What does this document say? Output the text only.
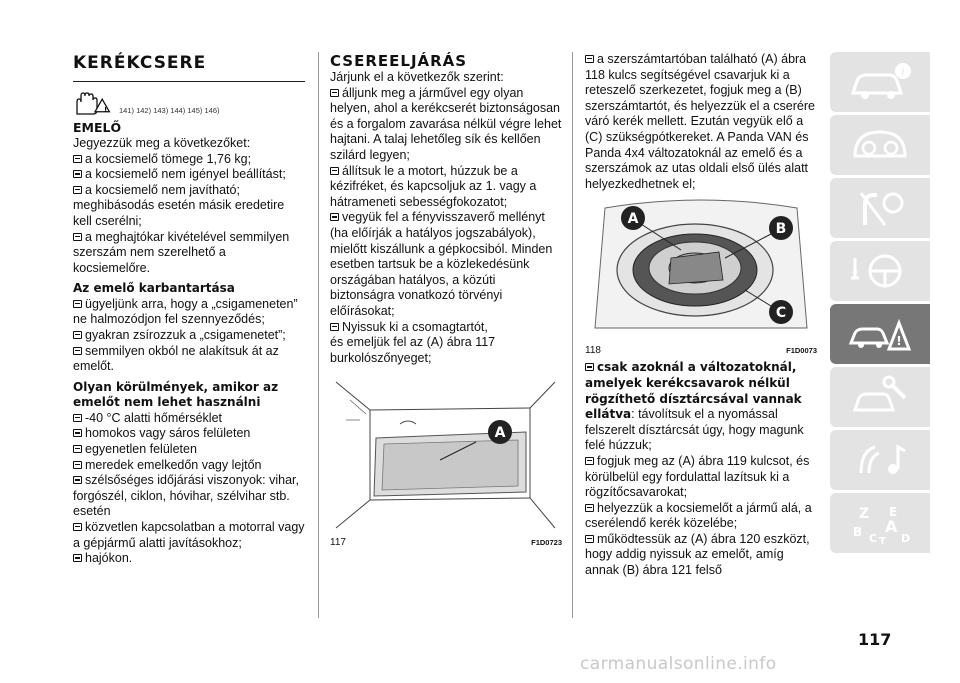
KERÉKCSERE
! 141) 142) 143) 144) 145) 146)
EMELŐ
Jegyezzük meg a következőket:
a kocsiemelő tömege 1,76 kg;
a kocsiemelő nem igényel beállítást;
a kocsiemelő nem javítható;
meghibásodás esetén másik eredetire kell cserélni;
a meghajtókar kivételével semmilyen szerszám nem szerelhető a kocsiemelőre.
Az emelő karbantartása
ügyeljünk arra, hogy a „csigameneten” ne halmozódjon fel szennyeződés;
gyakran zsírozzuk a „csigamenetet”;
semmilyen okból ne alakítsuk át az emelőt.
Olyan körülmények, amikor az emelőt nem lehet használni
-40 °C alatti hőmérséklet
homokos vagy sáros felületen
egyenetlen felületen
meredek emelkedőn vagy lejtőn
szélsőséges időjárási viszonyok: vihar, forgószél, ciklon, hóvihar, szélvihar stb. esetén
közvetlen kapcsolatban a motorral vagy a gépjármű alatti javításokhoz;
hajókon.
CSEREELJÁRÁS
Járjunk el a következők szerint:
álljunk meg a járművel egy olyan helyen, ahol a kerékcserét biztonságosan és a forgalom zavarása nélkül végre lehet hajtani. A talaj lehetőleg sík és kellően szilárd legyen;
állítsuk le a motort, húzzuk be a kézifréket, és kapcsoljuk az 1. vagy a hátrameneti sebességfokozatot;
vegyük fel a fényvisszaverő mellényt (ha előírják a hatályos jogszabályok), mielőtt kiszállunk a gépkocsiból. Minden esetben tartsuk be a közlekedésünk országában hatályos, a közúti biztonságra vonatkozó törvényi előírásokat;
Nyissuk ki a csomagtartót,
és emeljük fel az (A) ábra 117 burkolószőnyeget;
A
117	F1D0723
a szerszámtartóban található (A) ábra 118 kulcs segítségével csavarjuk ki a reteszelő szerkezetet, fogjuk meg a (B) szerszámtartót, és helyezzük el a cserére váró kerék mellett. Ezután vegyük elő a (C) szükségpótkereket. A Panda VAN és Panda 4x4 változatoknál az emelő és a szerszámok az utas oldali első ülés alatt helyezkedhetnek el;
A
B
C
118	F1D0073
csak azoknál a változatoknál, amelyek kerékcsavarok nélkül rögzíthető dísztárcsával vannak ellátva: távolítsuk el a nyomással felszerelt dísztárcsát úgy, hogy magunk felé húzzuk;
fogjuk meg az (A) ábra 119 kulcsot, és körülbelül egy fordulattal lazítsuk ki a rögzítőcsavarokat;
helyezzük a kocsiemelőt a jármű alá, a cserélendő kerék közelébe;
működtessük az (A) ábra 120 eszközt, hogy addig nyissuk az emelőt, amíg annak (B) ábra 121 felső
i
!
Z E
B A
C T D
117
carmanualsonline.info
